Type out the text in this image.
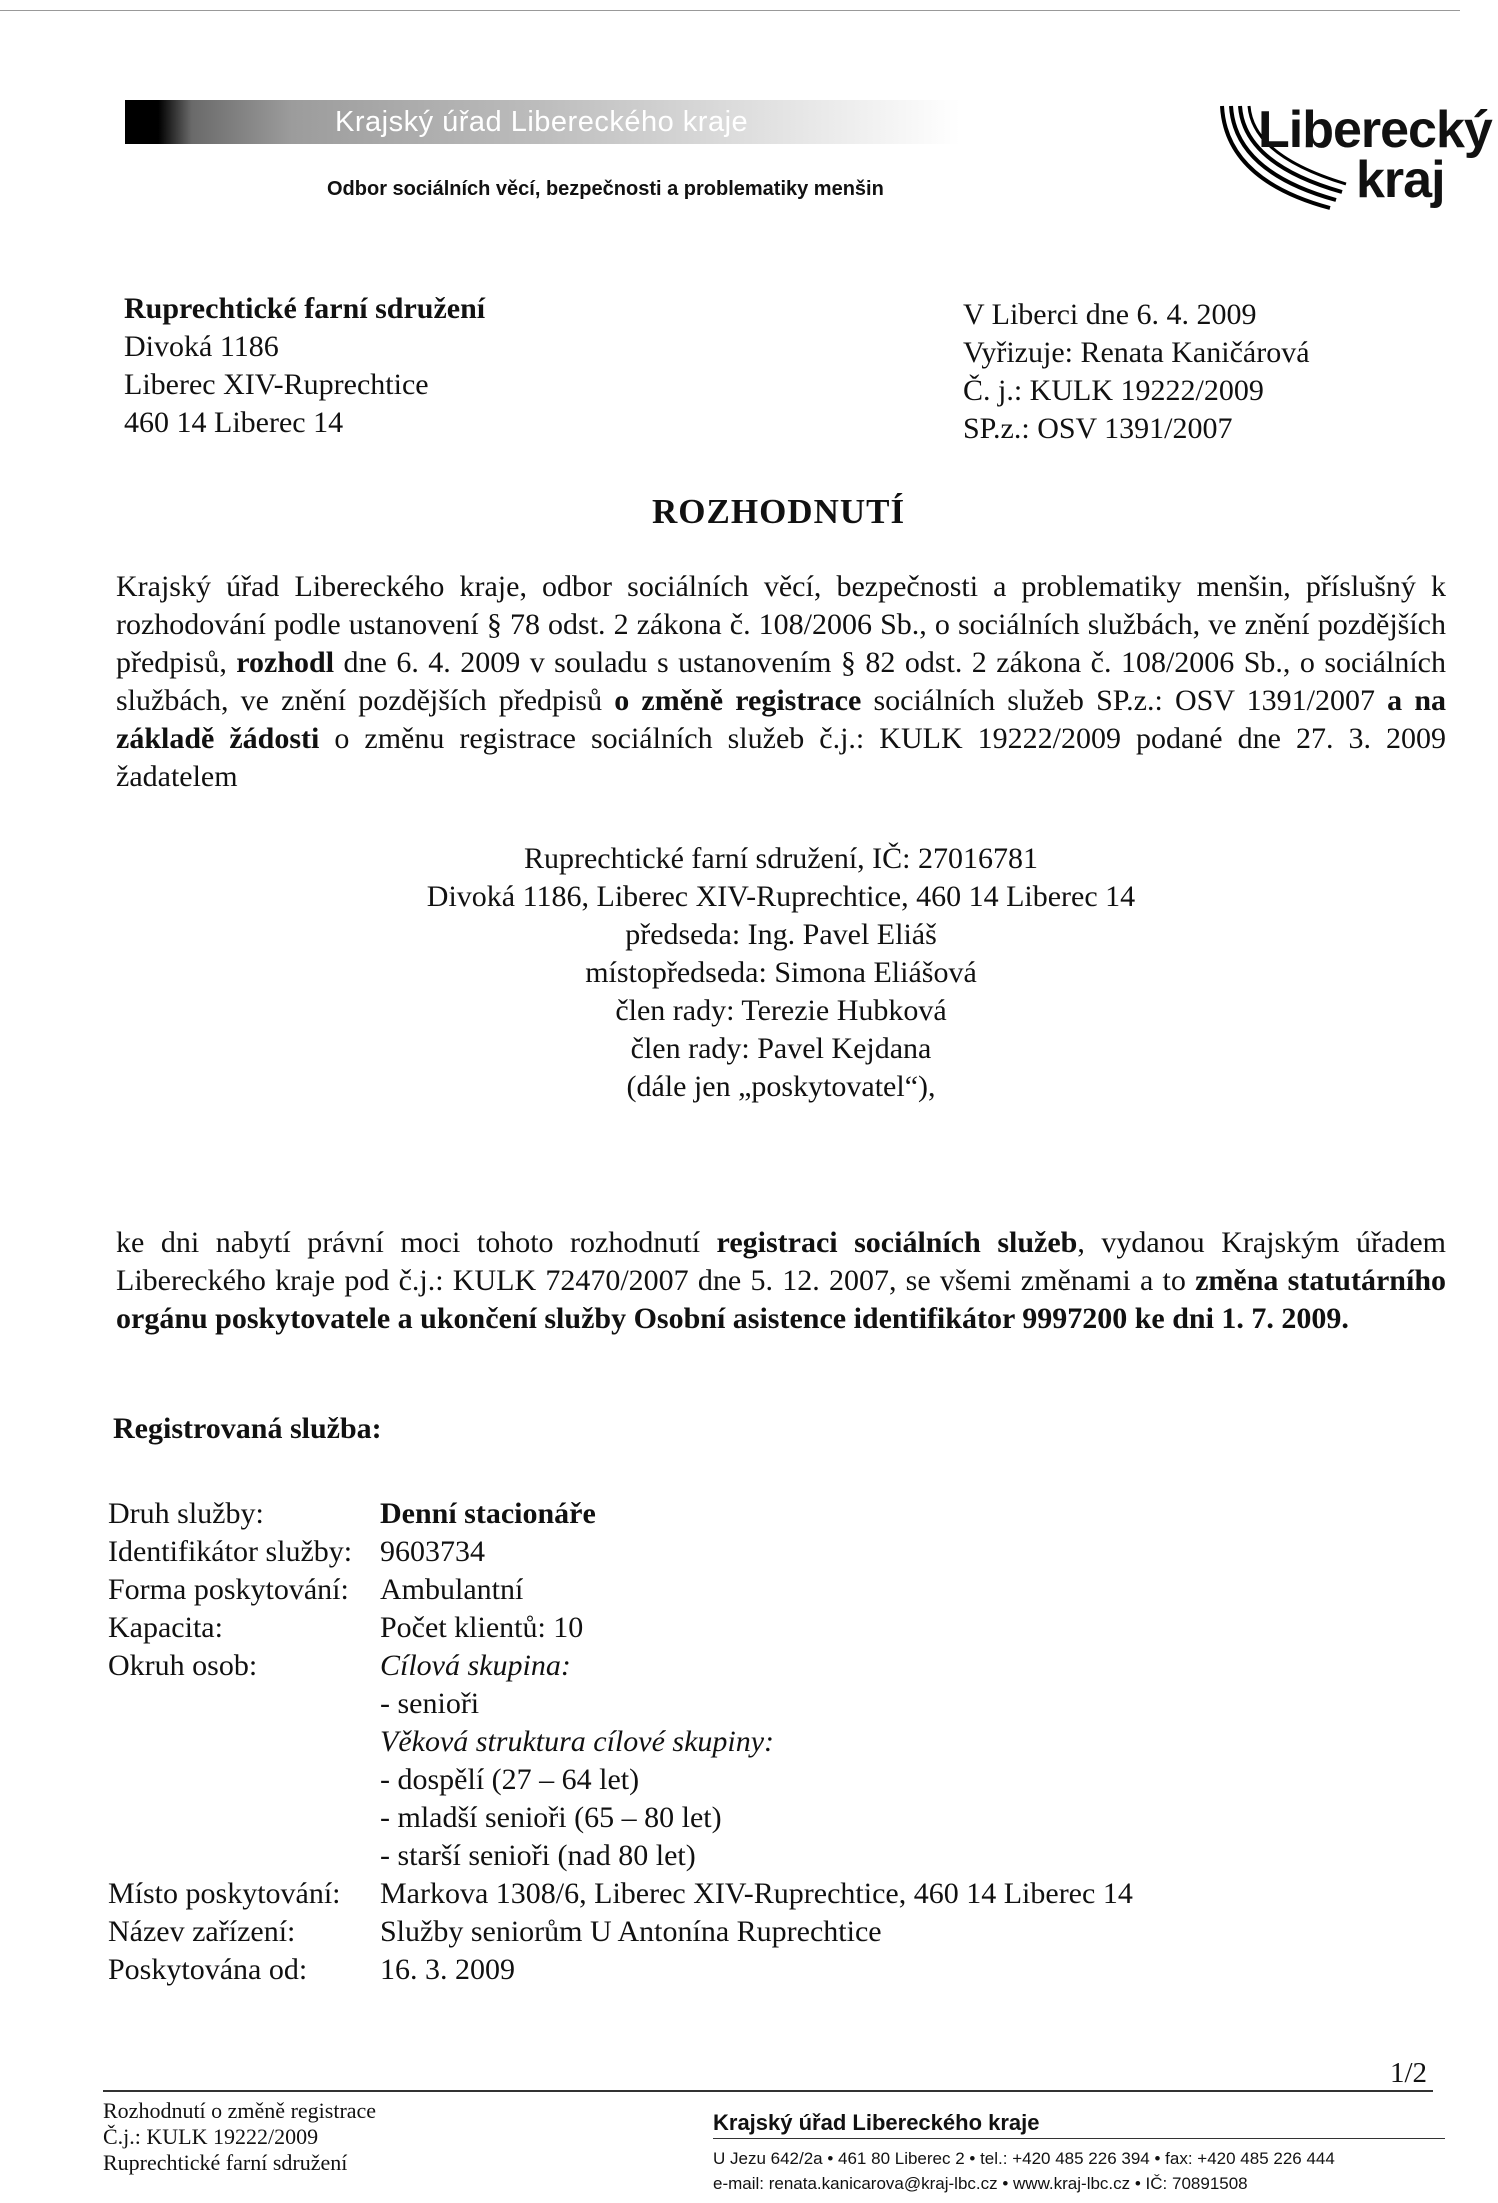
Krajský úřad Libereckého kraje
Odbor sociálních věcí, bezpečnosti a problematiky menšin
Liberecký
kraj
Ruprechtické farní sdružení
Divoká 1186
Liberec XIV-Ruprechtice
460 14 Liberec 14
V Liberci dne 6. 4. 2009
Vyřizuje: Renata Kaničárová
Č. j.: KULK 19222/2009
SP.z.: OSV 1391/2007
ROZHODNUTÍ
Krajský úřad Libereckého kraje, odbor sociálních věcí, bezpečnosti a problematiky menšin, příslušný k rozhodování podle ustanovení § 78 odst. 2 zákona č. 108/2006 Sb., o sociálních službách, ve znění pozdějších předpisů, rozhodl dne 6. 4. 2009 v souladu s ustanovením § 82 odst. 2 zákona č. 108/2006 Sb., o sociálních službách, ve znění pozdějších předpisů o změně registrace sociálních služeb SP.z.: OSV 1391/2007 a na základě žádosti o změnu registrace sociálních služeb č.j.: KULK 19222/2009 podané dne 27. 3. 2009 žadatelem
Ruprechtické farní sdružení, IČ: 27016781
Divoká 1186, Liberec XIV-Ruprechtice, 460 14 Liberec 14
předseda: Ing. Pavel Eliáš
místopředseda: Simona Eliášová
člen rady: Terezie Hubková
člen rady: Pavel Kejdana
(dále jen „poskytovatel“),
ke dni nabytí právní moci tohoto rozhodnutí registraci sociálních služeb, vydanou Krajským úřadem Libereckého kraje pod č.j.: KULK 72470/2007 dne 5. 12. 2007, se všemi změnami a to změna statutárního orgánu poskytovatele a ukončení služby Osobní asistence identifikátor 9997200 ke dni 1. 7. 2009.
Registrovaná služba:
Druh služby:	Denní stacionáře
Identifikátor služby: 9603734
Forma poskytování: Ambulantní
Kapacita:	Počet klientů: 10
Okruh osob:	Cílová skupina:
- senioři
Věková struktura cílové skupiny:
- dospělí (27 – 64 let)
- mladší senioři (65 – 80 let)
- starší senioři (nad 80 let)
Místo poskytování: Markova 1308/6, Liberec XIV-Ruprechtice, 460 14 Liberec 14
Název zařízení:	Služby seniorům U Antonína Ruprechtice
Poskytována od: 16. 3. 2009
1/2
Rozhodnutí o změně registrace
Č.j.: KULK 19222/2009
Ruprechtické farní sdružení
Krajský úřad Libereckého kraje
U Jezu 642/2a • 461 80 Liberec 2 • tel.: +420 485 226 394 • fax: +420 485 226 444
e-mail: renata.kanicarova@kraj-lbc.cz • www.kraj-lbc.cz • IČ: 70891508
